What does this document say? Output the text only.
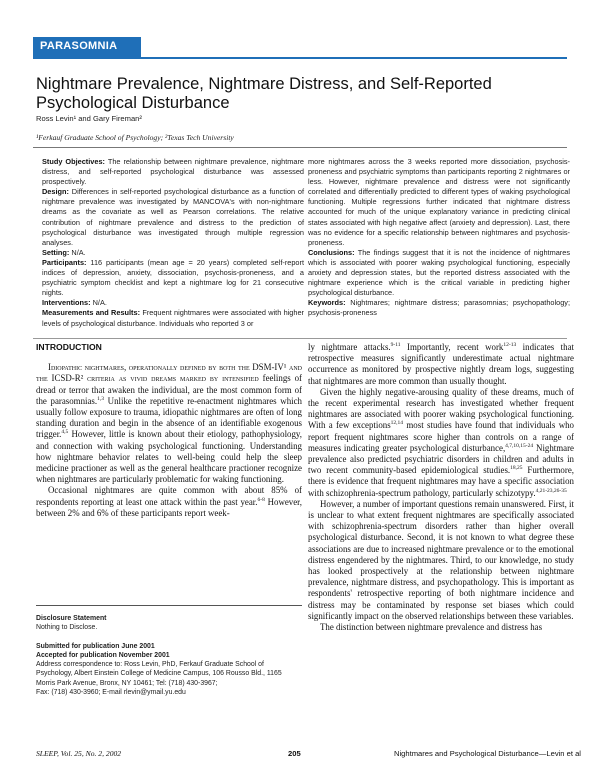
PARASOMNIA
Nightmare Prevalence, Nightmare Distress, and Self-Reported Psychological Disturbance
Ross Levin¹ and Gary Fireman²
¹Ferkauf Graduate School of Psychology; ²Texas Tech University

Study Objectives: The relationship between nightmare prevalence, nightmare distress, and self-reported psychological disturbance was assessed prospectively.

Design: Differences in self-reported psychological disturbance as a function of nightmare prevalence was investigated by MANCOVA's with non-nightmare dreams as the covariate as well as Pearson correlations. The relative contribution of nightmare prevalence and distress to the prediction of psychological disturbance was investigated through multiple regression analyses.

Setting: N/A.

Participants: 116 participants (mean age = 20 years) completed self-report indices of depression, anxiety, dissociation, psychosis-proneness, and a psychiatric symptom checklist and kept a nightmare log for 21 consecutive nights.

Interventions: N/A.

Measurements and Results: Frequent nightmares were associated with higher levels of psychological disturbance. Individuals who reported 3 or

more nightmares across the 3 weeks reported more dissociation, psychosis-proneness and psychiatric symptoms than participants reporting 2 nightmares or less. However, nightmare prevalence and distress were not significantly correlated and differentially predicted to different types of waking psychological functioning. Multiple regressions further indicated that nightmare distress accounted for much of the unique explanatory variance in predicting clinical states associated with high negative affect (anxiety and depression). Last, there was no evidence for a specific relationship between nightmares and psychosis-proneness.

Conclusions: The findings suggest that it is not the incidence of nightmares which is associated with poorer waking psychological functioning, especially anxiety and depression states, but the reported distress associated with the nightmare experience which is the critical variable in predicting higher psychological disturbance.

Keywords: Nightmares; nightmare distress; parasomnias; psychopathology; psychosis-proneness

INTRODUCTION

Idiopathic nightmares, operationally defined by both the DSM-IV¹ and the ICSD-R² criteria as vivid dreams marked by intensified feelings of dread or terror that awaken the individual, are the most common form of the parasomnias.$^{1,3}$ Unlike the repetitive re-enactment nightmares which usually follow exposure to trauma, idiopathic nightmares are often of long standing duration and begin in the absence of an identifiable exogenous trigger.$^{4,5}$ However, little is known about their etiology, pathophysiology, and connection with waking psychological functioning. Understanding how nightmare behavior relates to well-being could help the sleep medicine practioner as well as the general healthcare practioner recognize when nightmares are particularly problematic for waking functioning.

Occasional nightmares are quite common with about 85% of respondents reporting at least one attack within the past year.$^{6-8}$ However, between 2% and 6% of these participants report week-

Disclosure Statement

Nothing to Disclose.

Submitted for publication June 2001

Accepted for publication November 2001

Address correspondence to: Ross Levin, PhD, Ferkauf Graduate School of Psychology, Albert Einstein College of Medicine Campus, 106 Rousso Bld., 1165 Morris Park Avenue, Bronx, NY 10461; Tel: (718) 430-3967;

Fax: (718) 430-3960; E-mail rlevin@ymail.yu.edu

ly nightmare attacks.$^{9-11}$ Importantly, recent work$^{12-13}$ indicates that retrospective measures significantly underestimate actual nightmare occurrence as monitored by prospective nightly dream logs, suggesting that nightmares are more common than usually thought.

Given the highly negative-arousing quality of these dreams, much of the recent experimental research has investigated whether frequent nightmares are associated with poorer waking psychological functioning. With a few exceptions$^{12,14}$ most studies have found that individuals who report frequent nightmares score higher than controls on a range of measures indicating greater psychological disturbance,$^{4,7,10,15-24}$ Nightmare prevalence also predicted psychiatric disorders in children and adults in two recent community-based epidemiological studies.$^{18,25}$ Furthermore, there is evidence that frequent nightmares may have a specific association with schizophrenia-spectrum pathology, particularly schizotypy.$^{4,21-23,26-35}$

However, a number of important questions remain unanswered. First, it is unclear to what extent frequent nightmares are specifically associated with schizophrenia-spectrum disorders rather than higher overall psychological disturbance. Second, it is not known to what degree these associations are due to increased nightmare prevalence or to the emotional distress engendered by the nightmares. Third, to our knowledge, no study has looked prospectively at the relationship between nightmare prevalence, nightmare distress, and psychopathology. This is important as respondents' retrospective reporting of both nightmare incidence and distress may be contaminated by response set biases which could significantly impact on the observed relationships between these variables.

The distinction between nightmare prevalence and distress has

SLEEP, Vol. 25, No. 2, 2002	205	Nightmares and Psychological Disturbance—Levin et al
